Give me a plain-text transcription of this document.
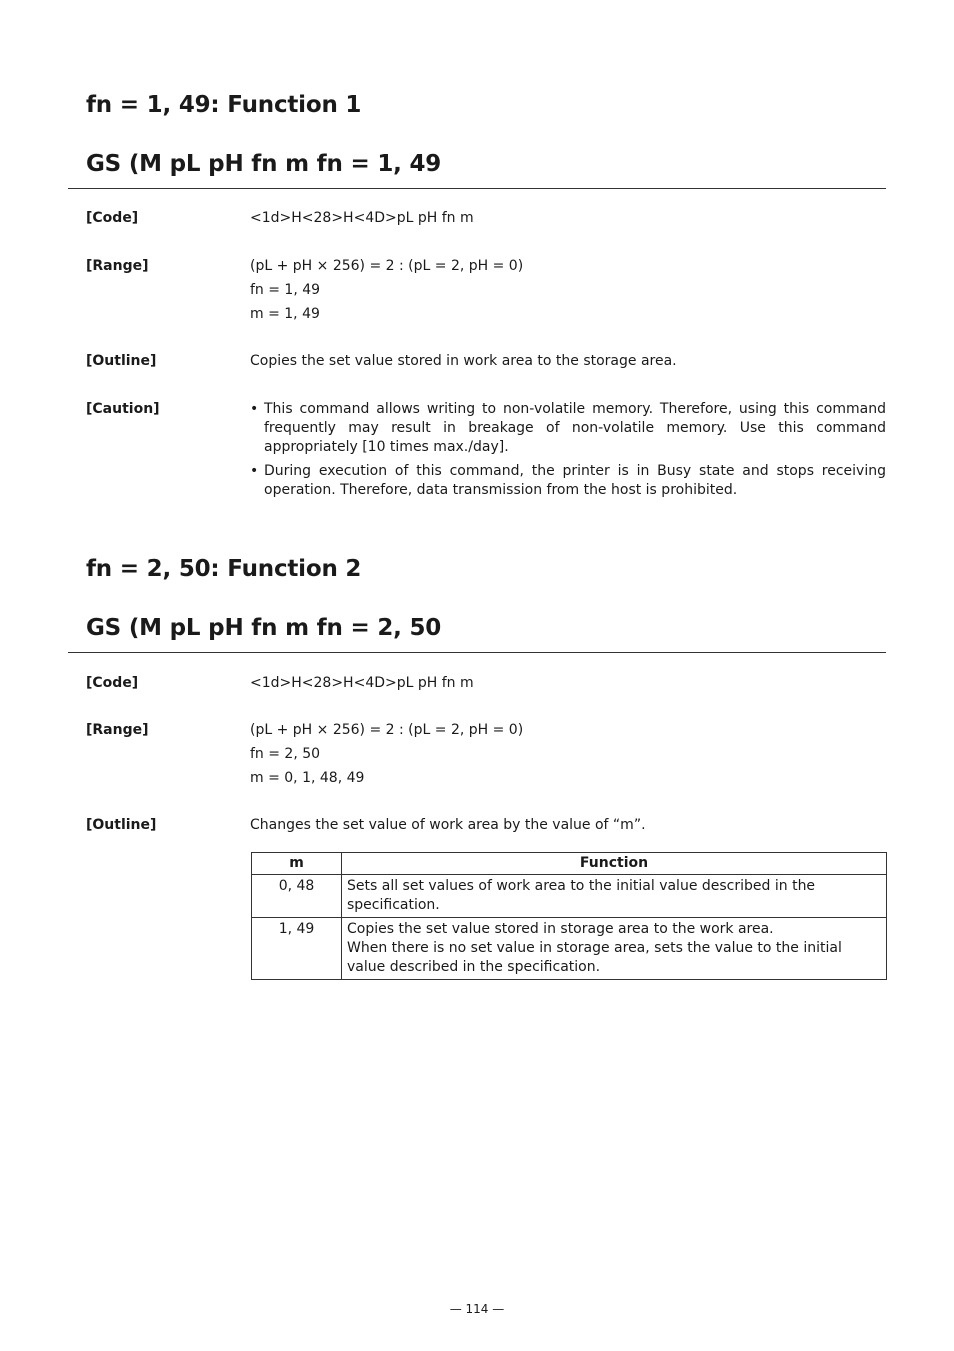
fn = 1, 49: Function 1
GS (M pL pH fn m fn = 1, 49
[Code]	<1d>H<28>H<4D>pL pH fn m
[Range]	(pL + pH × 256) = 2 : (pL = 2, pH = 0)
fn = 1, 49
m = 1, 49
[Outline]	Copies the set value stored in work area to the storage area.
[Caution]	• This command allows writing to non-volatile memory. Therefore, using this command frequently may result in breakage of non-volatile memory. Use this command appropriately [10 times max./day].
• During execution of this command, the printer is in Busy state and stops receiving operation. Therefore, data transmission from the host is prohibited.
fn = 2, 50: Function 2
GS (M pL pH fn m fn = 2, 50
[Code]	<1d>H<28>H<4D>pL pH fn m
[Range]	(pL + pH × 256) = 2 : (pL = 2, pH = 0)
fn = 2, 50
m = 0, 1, 48, 49
[Outline]	Changes the set value of work area by the value of “m”.
m	Function
0, 48	Sets all set values of work area to the initial value described in the specification.

1, 49	Copies the set value stored in storage area to the work area.
When there is no set value in storage area, sets the value to the initial value described in the specification.
— 114 —
